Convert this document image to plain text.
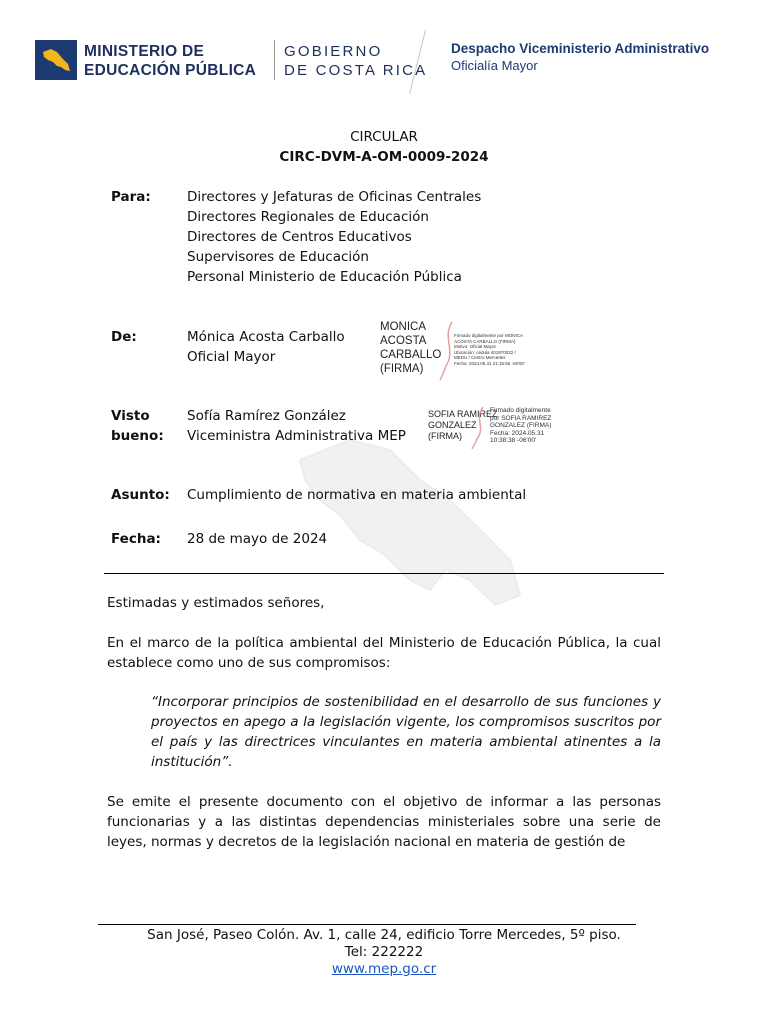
MINISTERIO DE
EDUCACIÓN PÚBLICA
GOBIERNO
DE COSTA RICA
Despacho Viceministerio Administrativo
Oficialía Mayor
CIRCULAR
CIRC-DVM-A-OM-0009-2024
Para:	Directores y Jefaturas de Oficinas Centrales
Directores Regionales de Educación
Directores de Centros Educativos
Supervisores de Educación
Personal Ministerio de Educación Pública
De:	Mónica Acosta Carballo
Oficial Mayor
MONICA
ACOSTA
CARBALLO
(FIRMA)
Firmado digitalmente por MONICA
ACOSTA CARBALLO (FIRMA)
Motivo: Oficial Mayor
Ubicación: cédula 401970022 /
MEDU / Centro Mercedes
Fecha: 2024.05.31 21:15:56 -06'00'
Visto
bueno:
Sofía Ramírez González
Viceministra Administrativa MEP
SOFIA RAMIREZ
GONZALEZ
(FIRMA)
Firmado digitalmente
por SOFIA RAMIREZ
GONZALEZ (FIRMA)
Fecha: 2024.05.31
10:38:38 -06'00'
Asunto: Cumplimiento de normativa en materia ambiental
Fecha: 28 de mayo de 2024
Estimadas y estimados señores,
En el marco de la política ambiental del Ministerio de Educación Pública, la cual establece como uno de sus compromisos:
“Incorporar principios de sostenibilidad en el desarrollo de sus funciones y proyectos en apego a la legislación vigente, los compromisos suscritos por el país y las directrices vinculantes en materia ambiental atinentes a la institución”.
Se emite el presente documento con el objetivo de informar a las personas funcionarias y a las distintas dependencias ministeriales sobre una serie de leyes, normas y decretos de la legislación nacional en materia de gestión de
San José, Paseo Colón. Av. 1, calle 24, edificio Torre Mercedes, 5º piso.
Tel: 222222
www.mep.go.cr
